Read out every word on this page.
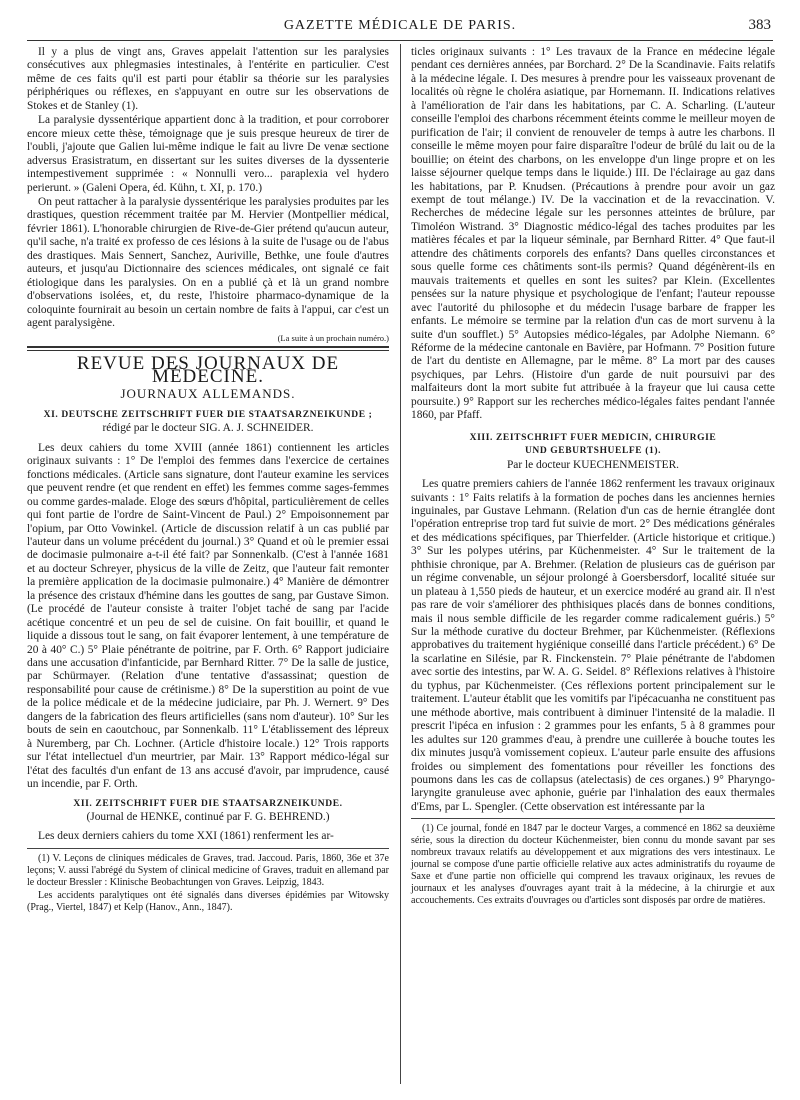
GAZETTE MÉDICALE DE PARIS.	383

Il y a plus de vingt ans, Graves appelait l'attention sur les paralysies consécutives aux phlegmasies intestinales, à l'entérite en particulier. C'est même de ces faits qu'il est parti pour établir sa théorie sur les paralysies périphériques ou réflexes, en s'appuyant en outre sur les observations de Stokes et de Stanley (1).

La paralysie dyssentérique appartient donc à la tradition, et pour corroborer encore mieux cette thèse, témoignage que je suis presque heureux de tirer de l'oubli, j'ajoute que Galien lui-même indique le fait au livre De venæ sectione adversus Erasistratum, en dissertant sur les suites diverses de la dyssenterie intempestivement supprimée : « Nonnulli vero... paraplexia vel hydero perierunt. » (Galeni Opera, éd. Kühn, t. XI, p. 170.)

On peut rattacher à la paralysie dyssentérique les paralysies produites par les drastiques, question récemment traitée par M. Hervier (Montpellier médical, février 1861). L'honorable chirurgien de Rive-de-Gier prétend qu'aucun auteur, qu'il sache, n'a traité ex professo de ces lésions à la suite de l'usage ou de l'abus des drastiques. Mais Sennert, Sanchez, Auriville, Bethke, une foule d'autres auteurs, et jusqu'au Dictionnaire des sciences médicales, ont signalé ce fait étiologique dans les paralysies. On en a publié çà et là un grand nombre d'observations isolées, et, du reste, l'histoire pharmaco-dynamique de la coloquinte fournirait au besoin un certain nombre de faits à l'appui, car c'est un agent paralysigène.

(La suite à un prochain numéro.)

REVUE DES JOURNAUX DE MÉDECINE.

JOURNAUX ALLEMANDS.

XI. DEUTSCHE ZEITSCHRIFT FUER DIE STAATSARZNEIKUNDE ;

rédigé par le docteur SIG. A. J. SCHNEIDER.

Les deux cahiers du tome XVIII (année 1861) contiennent les articles originaux suivants : 1° De l'emploi des femmes dans l'exercice de certaines fonctions médicales. (Article sans signature, dont l'auteur examine les services que peuvent rendre (et que rendent en effet) les femmes comme sages-femmes ou comme gardes-malade. Eloge des sœurs d'hôpital, particulièrement de celles qui font partie de l'ordre de Saint-Vincent de Paul.) 2° Empoisonnement par l'opium, par Otto Vowinkel. (Article de discussion relatif à un cas publié par l'auteur dans un volume précédent du journal.) 3° Quand et où le premier essai de docimasie pulmonaire a-t-il été fait? par Sonnenkalb. (C'est à l'année 1681 et au docteur Schreyer, physicus de la ville de Zeitz, que l'auteur fait remonter la première application de la docimasie pulmonaire.) 4° Manière de démontrer la présence des cristaux d'hémine dans les gouttes de sang, par Gustave Simon. (Le procédé de l'auteur consiste à traiter l'objet taché de sang par l'acide acétique concentré et un peu de sel de cuisine. On fait bouillir, et quand le liquide a dissous tout le sang, on fait évaporer lentement, à une température de 20 à 40° C.) 5° Plaie pénétrante de poitrine, par F. Orth. 6° Rapport judiciaire dans une accusation d'infanticide, par Bernhard Ritter. 7° De la salle de justice, par Schürmayer. (Relation d'une tentative d'assassinat; question de responsabilité pour cause de crétinisme.) 8° De la superstition au point de vue de la police médicale et de la médecine judiciaire, par Ph. J. Wernert. 9° Des dangers de la fabrication des fleurs artificielles (sans nom d'auteur). 10° Sur les bouts de sein en caoutchouc, par Sonnenkalb. 11° L'établissement des lépreux à Nuremberg, par Ch. Lochner. (Article d'histoire locale.) 12° Trois rapports sur l'état intellectuel d'un meurtrier, par Mair. 13° Rapport médico-légal sur l'état des facultés d'un enfant de 13 ans accusé d'avoir, par imprudence, causé un incendie, par F. Orth.

XII. ZEITSCHRIFT FUER DIE STAATSARZNEIKUNDE.

(Journal de HENKE, continué par F. G. BEHREND.)

Les deux derniers cahiers du tome XXI (1861) renferment les ar-

(1) V. Leçons de cliniques médicales de Graves, trad. Jaccoud. Paris, 1860, 36e et 37e leçons; V. aussi l'abrégé du System of clinical medicine of Graves, traduit en allemand par le docteur Bressler : Klinische Beobachtungen von Graves. Leipzig, 1843.

Les accidents paralytiques ont été signalés dans diverses épidémies par Witowsky (Prag., Viertel, 1847) et Kelp (Hanov., Ann., 1847).

ticles originaux suivants : 1° Les travaux de la France en médecine légale pendant ces dernières années, par Borchard. 2° De la Scandinavie. Faits relatifs à la médecine légale. I. Des mesures à prendre pour les vaisseaux provenant de localités où règne le choléra asiatique, par Hornemann. II. Indications relatives à l'amélioration de l'air dans les habitations, par C. A. Scharling. (L'auteur conseille l'emploi des charbons récemment éteints comme le meilleur moyen de purification de l'air; il convient de renouveler de temps à autre les charbons. Il conseille le même moyen pour faire disparaître l'odeur de brûlé du lait ou de la bouillie; on éteint des charbons, on les enveloppe d'un linge propre et on les laisse séjourner quelque temps dans le liquide.) III. De l'éclairage au gaz dans les habitations, par P. Knudsen. (Précautions à prendre pour avoir un gaz exempt de tout mélange.) IV. De la vaccination et de la revaccination. V. Recherches de médecine légale sur les personnes atteintes de brûlure, par Timoléon Wistrand. 3° Diagnostic médico-légal des taches produites par les matières fécales et par la liqueur séminale, par Bernhard Ritter. 4° Que faut-il attendre des châtiments corporels des enfants? Dans quelles circonstances et sous quelle forme ces châtiments sont-ils permis? Quand dégénèrent-ils en mauvais traitements et quelles en sont les suites? par Klein. (Excellentes pensées sur la nature physique et psychologique de l'enfant; l'auteur repousse avec l'autorité du philosophe et du médecin l'usage barbare de frapper les enfants. Le mémoire se termine par la relation d'un cas de mort survenu à la suite d'un soufflet.) 5° Autopsies médico-légales, par Adolphe Niemann. 6° Réforme de la médecine cantonale en Bavière, par Hofmann. 7° Position future de l'art du dentiste en Allemagne, par le même. 8° La mort par des causes psychiques, par Lehrs. (Histoire d'un garde de nuit poursuivi par des malfaiteurs dont la mort subite fut attribuée à la frayeur que lui causa cette poursuite.) 9° Rapport sur les recherches médico-légales faites pendant l'année 1860, par Pfaff.

XIII. ZEITSCHRIFT FUER MEDICIN, CHIRURGIE

UND GEBURTSHUELFE (1).

Par le docteur KUECHENMEISTER.

Les quatre premiers cahiers de l'année 1862 renferment les travaux originaux suivants : 1° Faits relatifs à la formation de poches dans les anciennes hernies inguinales, par Gustave Lehmann. (Relation d'un cas de hernie étranglée dont l'opération entreprise trop tard fut suivie de mort. 2° Des médications générales et des médications spécifiques, par Thierfelder. (Article historique et critique.) 3° Sur les polypes utérins, par Küchenmeister. 4° Sur le traitement de la phthisie chronique, par A. Brehmer. (Relation de plusieurs cas de guérison par un régime convenable, un séjour prolongé à Goersbersdorf, localité située sur un plateau à 1,550 pieds de hauteur, et un exercice modéré au grand air. Il n'est pas rare de voir s'améliorer des phthisiques placés dans de bonnes conditions, mais il nous semble difficile de les regarder comme radicalement guéris.) 5° Sur la méthode curative du docteur Brehmer, par Küchenmeister. (Réflexions approbatives du traitement hygiénique conseillé dans l'article précédent.) 6° De la scarlatine en Silésie, par R. Finckenstein. 7° Plaie pénétrante de l'abdomen avec sortie des intestins, par W. A. G. Seidel. 8° Réflexions relatives à l'histoire du typhus, par Küchenmeister. (Ces réflexions portent principalement sur le traitement. L'auteur établit que les vomitifs par l'ipécacuanha ne constituent pas une méthode abortive, mais contribuent à diminuer l'intensité de la maladie. Il prescrit l'ipéca en infusion : 2 grammes pour les enfants, 5 à 8 grammes pour les adultes sur 120 grammes d'eau, à prendre une cuillerée à bouche toutes les dix minutes jusqu'à vomissement copieux. L'auteur parle ensuite des affusions froides ou simplement des fomentations pour réveiller les fonctions des poumons dans les cas de collapsus (atelectasis) de ces organes.) 9° Pharyngo-laryngite granuleuse avec aphonie, guérie par l'inhalation des eaux thermales d'Ems, par L. Spengler. (Cette observation est intéressante par la

(1) Ce journal, fondé en 1847 par le docteur Varges, a commencé en 1862 sa deuxième série, sous la direction du docteur Küchenmeister, bien connu du monde savant par ses nombreux travaux relatifs au développement et aux migrations des vers intestinaux. Le journal se compose d'une partie officielle relative aux actes administratifs du royaume de Saxe et d'une partie non officielle qui comprend les travaux originaux, les revues de journaux et les analyses d'ouvrages ayant trait à la médecine, à la chirurgie et aux accouchements. Ces extraits d'ouvrages ou d'articles sont disposés par ordre de matières.
